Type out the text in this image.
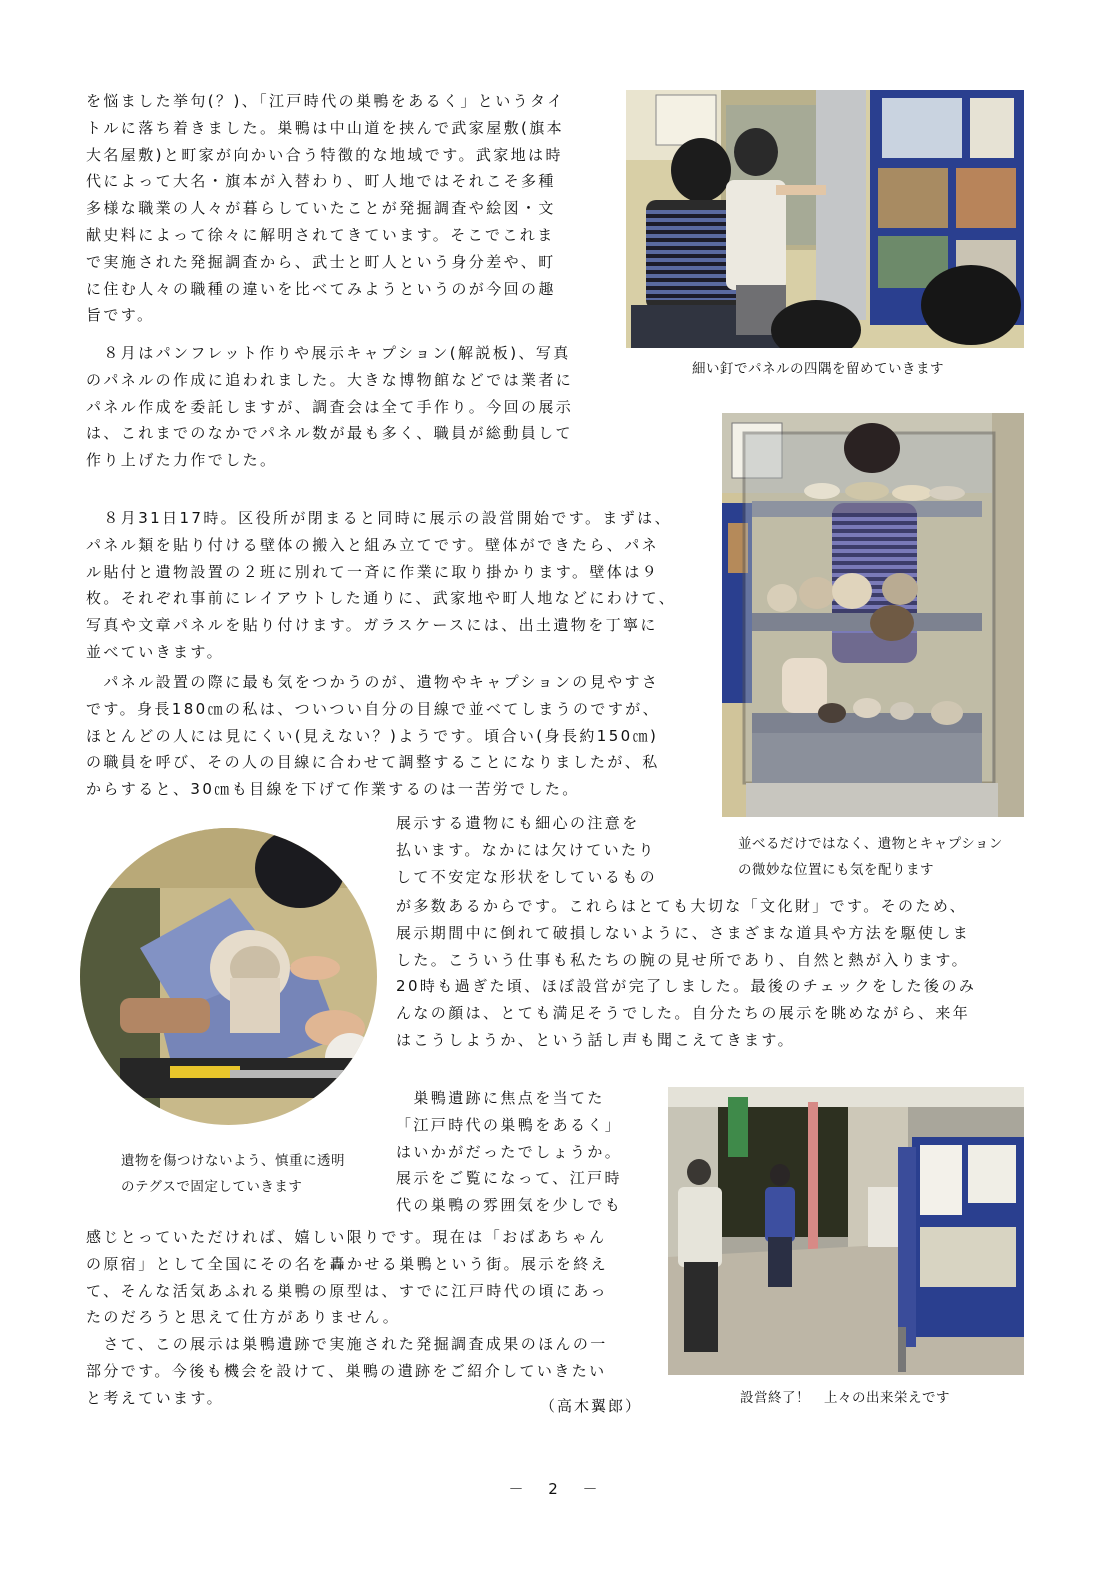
を悩ました挙句(？)、「江戸時代の巣鴨をあるく」というタイ
トルに落ち着きました。巣鴨は中山道を挟んで武家屋敷(旗本
大名屋敷)と町家が向かい合う特徴的な地域です。武家地は時
代によって大名・旗本が入替わり、町人地ではそれこそ多種
多様な職業の人々が暮らしていたことが発掘調査や絵図・文
献史料によって徐々に解明されてきています。そこでこれま
で実施された発掘調査から、武士と町人という身分差や、町
に住む人々の職種の違いを比べてみようというのが今回の趣
旨です。
　８月はパンフレット作りや展示キャプション(解説板)、写真
のパネルの作成に追われました。大きな博物館などでは業者に
パネル作成を委託しますが、調査会は全て手作り。今回の展示
は、これまでのなかでパネル数が最も多く、職員が総動員して
作り上げた力作でした。
　８月31日17時。区役所が閉まると同時に展示の設営開始です。まずは、
パネル類を貼り付ける壁体の搬入と組み立てです。壁体ができたら、パネ
ル貼付と遺物設置の２班に別れて一斉に作業に取り掛かります。壁体は９
枚。それぞれ事前にレイアウトした通りに、武家地や町人地などにわけて、
写真や文章パネルを貼り付けます。ガラスケースには、出土遺物を丁寧に
並べていきます。
　パネル設置の際に最も気をつかうのが、遺物やキャプションの見やすさ
です。身長180㎝の私は、ついつい自分の目線で並べてしまうのですが、
ほとんどの人には見にくい(見えない？)ようです。頃合い(身長約150㎝)
の職員を呼び、その人の目線に合わせて調整することになりましたが、私
からすると、30㎝も目線を下げて作業するのは一苦労でした。
展示する遺物にも細心の注意を
払います。なかには欠けていたり
して不安定な形状をしているもの
が多数あるからです。これらはとても大切な「文化財」です。そのため、
展示期間中に倒れて破損しないように、さまざまな道具や方法を駆使しま
した。こういう仕事も私たちの腕の見せ所であり、自然と熱が入ります。
20時も過ぎた頃、ほぼ設営が完了しました。最後のチェックをした後のみ
んなの顔は、とても満足そうでした。自分たちの展示を眺めながら、来年
はこうしようか、という話し声も聞こえてきます。
　巣鴨遺跡に焦点を当てた
「江戸時代の巣鴨をあるく」
はいかがだったでしょうか。
展示をご覧になって、江戸時
代の巣鴨の雰囲気を少しでも
感じとっていただければ、嬉しい限りです。現在は「おばあちゃん
の原宿」として全国にその名を轟かせる巣鴨という街。展示を終え
て、そんな活気あふれる巣鴨の原型は、すでに江戸時代の頃にあっ
たのだろうと思えて仕方がありません。
　さて、この展示は巣鴨遺跡で実施された発掘調査成果のほんの一
部分です。今後も機会を設けて、巣鴨の遺跡をご紹介していきたい
と考えています。	（高木翼郎）
細い釘でパネルの四隅を留めていきます
並べるだけではなく、遺物とキャプション
の微妙な位置にも気を配ります
遺物を傷つけないよう、慎重に透明
のテグスで固定していきます
設営終了！　上々の出来栄えです
－ 2 －
